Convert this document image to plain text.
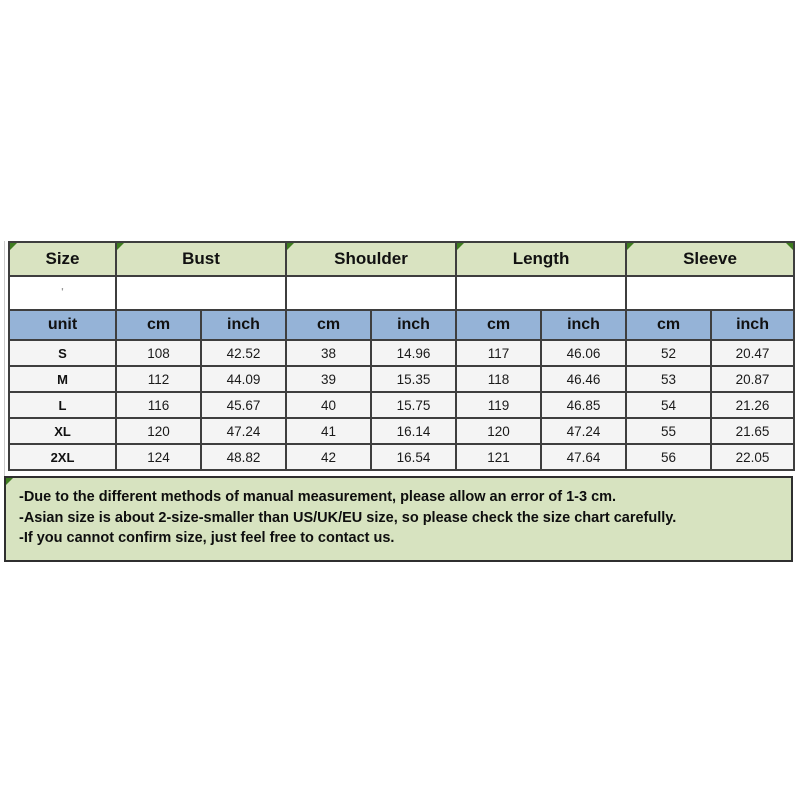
Size	Bust		Shoulder		Length		Sleeve	
'								
unit	cm	inch	cm	inch	cm	inch	cm	inch
S	108	42.52	38	14.96	117	46.06	52	20.47
M	112	44.09	39	15.35	118	46.46	53	20.87
L	116	45.67	40	15.75	119	46.85	54	21.26
XL	120	47.24	41	16.14	120	47.24	55	21.65
2XL	124	48.82	42	16.54	121	47.64	56	22.05
-Due to the different methods of manual measurement, please allow an error of 1-3 cm.
-Asian size is about 2-size-smaller than US/UK/EU size, so please check the size chart carefully.
-If you cannot confirm size, just feel free to contact us.
